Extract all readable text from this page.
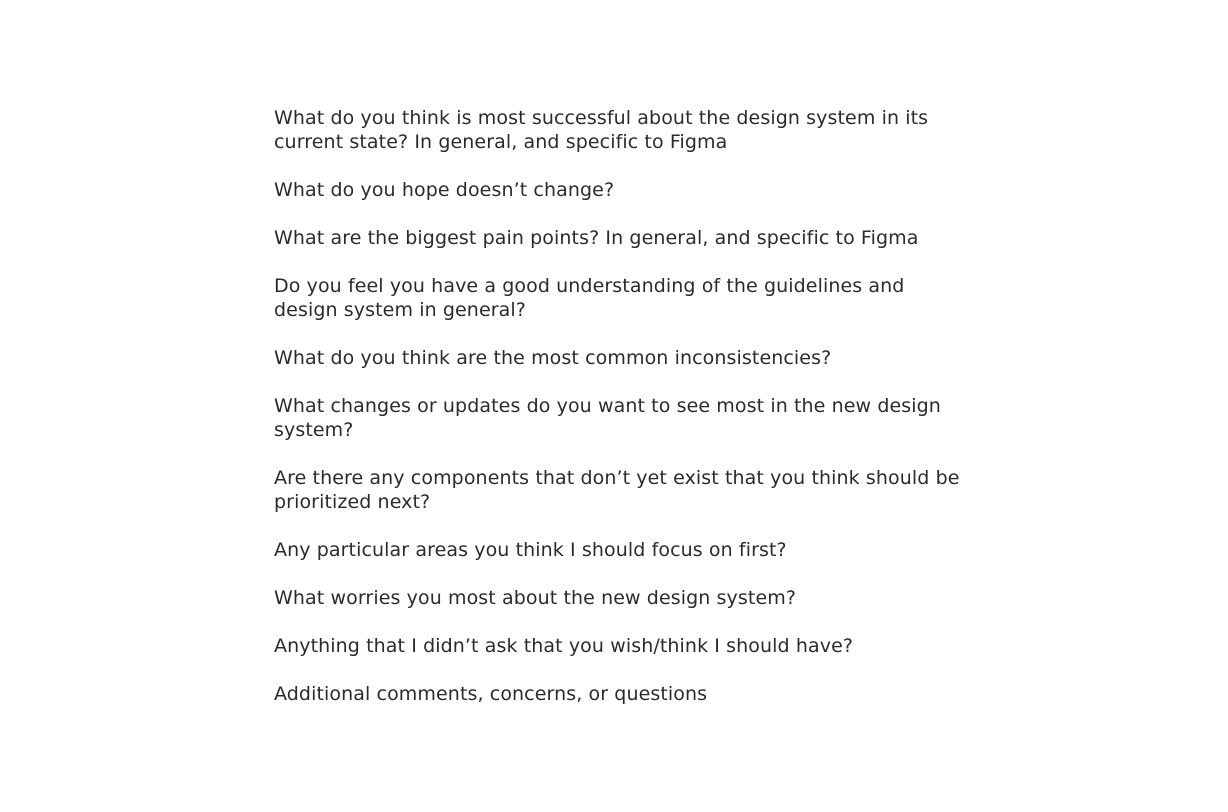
What do you think is most successful about the design system in its current state? In general, and specific to Figma
What do you hope doesn’t change?
What are the biggest pain points? In general, and specific to Figma
Do you feel you have a good understanding of the guidelines and design system in general?
What do you think are the most common inconsistencies?
What changes or updates do you want to see most in the new design system?
Are there any components that don’t yet exist that you think should be prioritized next?
Any particular areas you think I should focus on first?
What worries you most about the new design system?
Anything that I didn’t ask that you wish/think I should have?
Additional comments, concerns, or questions
